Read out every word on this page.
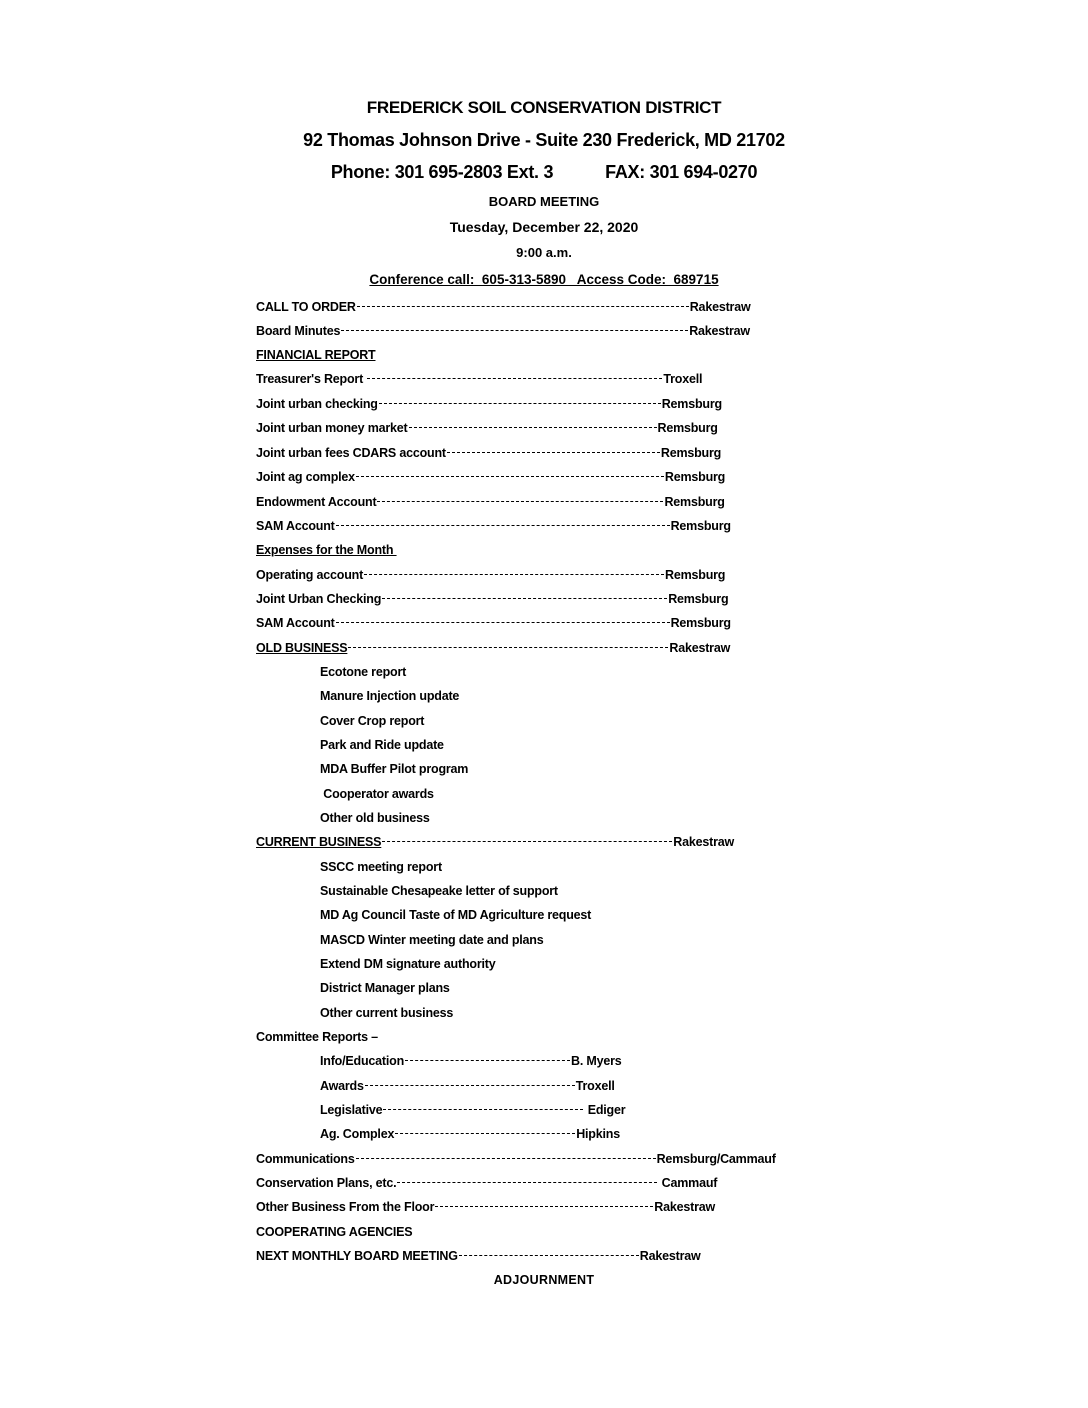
FREDERICK SOIL CONSERVATION DISTRICT
92 Thomas Johnson Drive - Suite 230 Frederick, MD 21702
Phone: 301 695-2803 Ext. 3	FAX: 301 694-0270
BOARD MEETING
Tuesday, December 22, 2020
9:00 a.m.
Conference call:  605-313-5890   Access Code:  689715
CALL TO ORDER	Rakestraw
Board Minutes	Rakestraw
FINANCIAL REPORT
Treasurer's Report	Troxell
Joint urban checking	Remsburg
Joint urban money market	Remsburg
Joint urban fees CDARS account	Remsburg
Joint ag complex	Remsburg
Endowment Account	Remsburg
SAM Account	Remsburg
Expenses for the Month
Operating account	Remsburg
Joint Urban Checking	Remsburg
SAM Account	Remsburg
OLD BUSINESS	Rakestraw
Ecotone report
Manure Injection update
Cover Crop report
Park and Ride update
MDA Buffer Pilot program
Cooperator awards
Other old business
CURRENT BUSINESS	Rakestraw
SSCC meeting report
Sustainable Chesapeake letter of support
MD Ag Council Taste of MD Agriculture request
MASCD Winter meeting date and plans
Extend DM signature authority
District Manager plans
Other current business
Committee Reports –
Info/Education	B. Myers
Awards	Troxell
Legislative	Ediger
Ag. Complex	Hipkins
Communications	Remsburg/Cammauf
Conservation Plans, etc.	Cammauf
Other Business From the Floor	Rakestraw
COOPERATING AGENCIES
NEXT MONTHLY BOARD MEETING	Rakestraw
ADJOURNMENT
